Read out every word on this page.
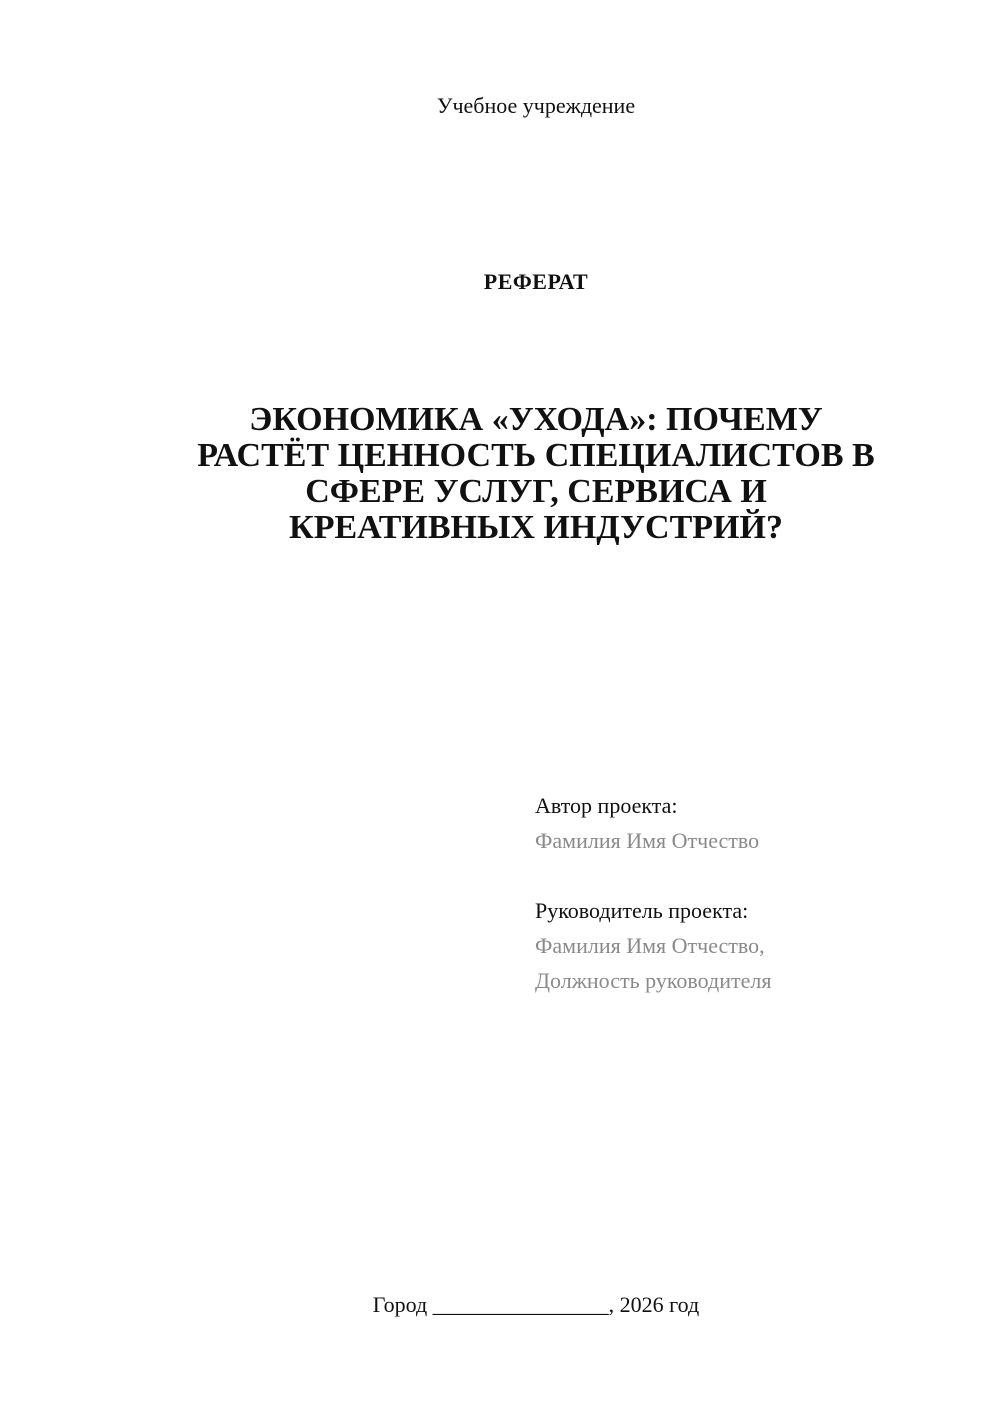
Учебное учреждение
РЕФЕРАТ
ЭКОНОМИКА «УХОДА»: ПОЧЕМУ
РАСТЁТ ЦЕННОСТЬ СПЕЦИАЛИСТОВ В
СФЕРЕ УСЛУГ, СЕРВИСА И
КРЕАТИВНЫХ ИНДУСТРИЙ?
Автор проекта:
Фамилия Имя Отчество
Руководитель проекта:
Фамилия Имя Отчество,
Должность руководителя
Город ________________, 2026 год
